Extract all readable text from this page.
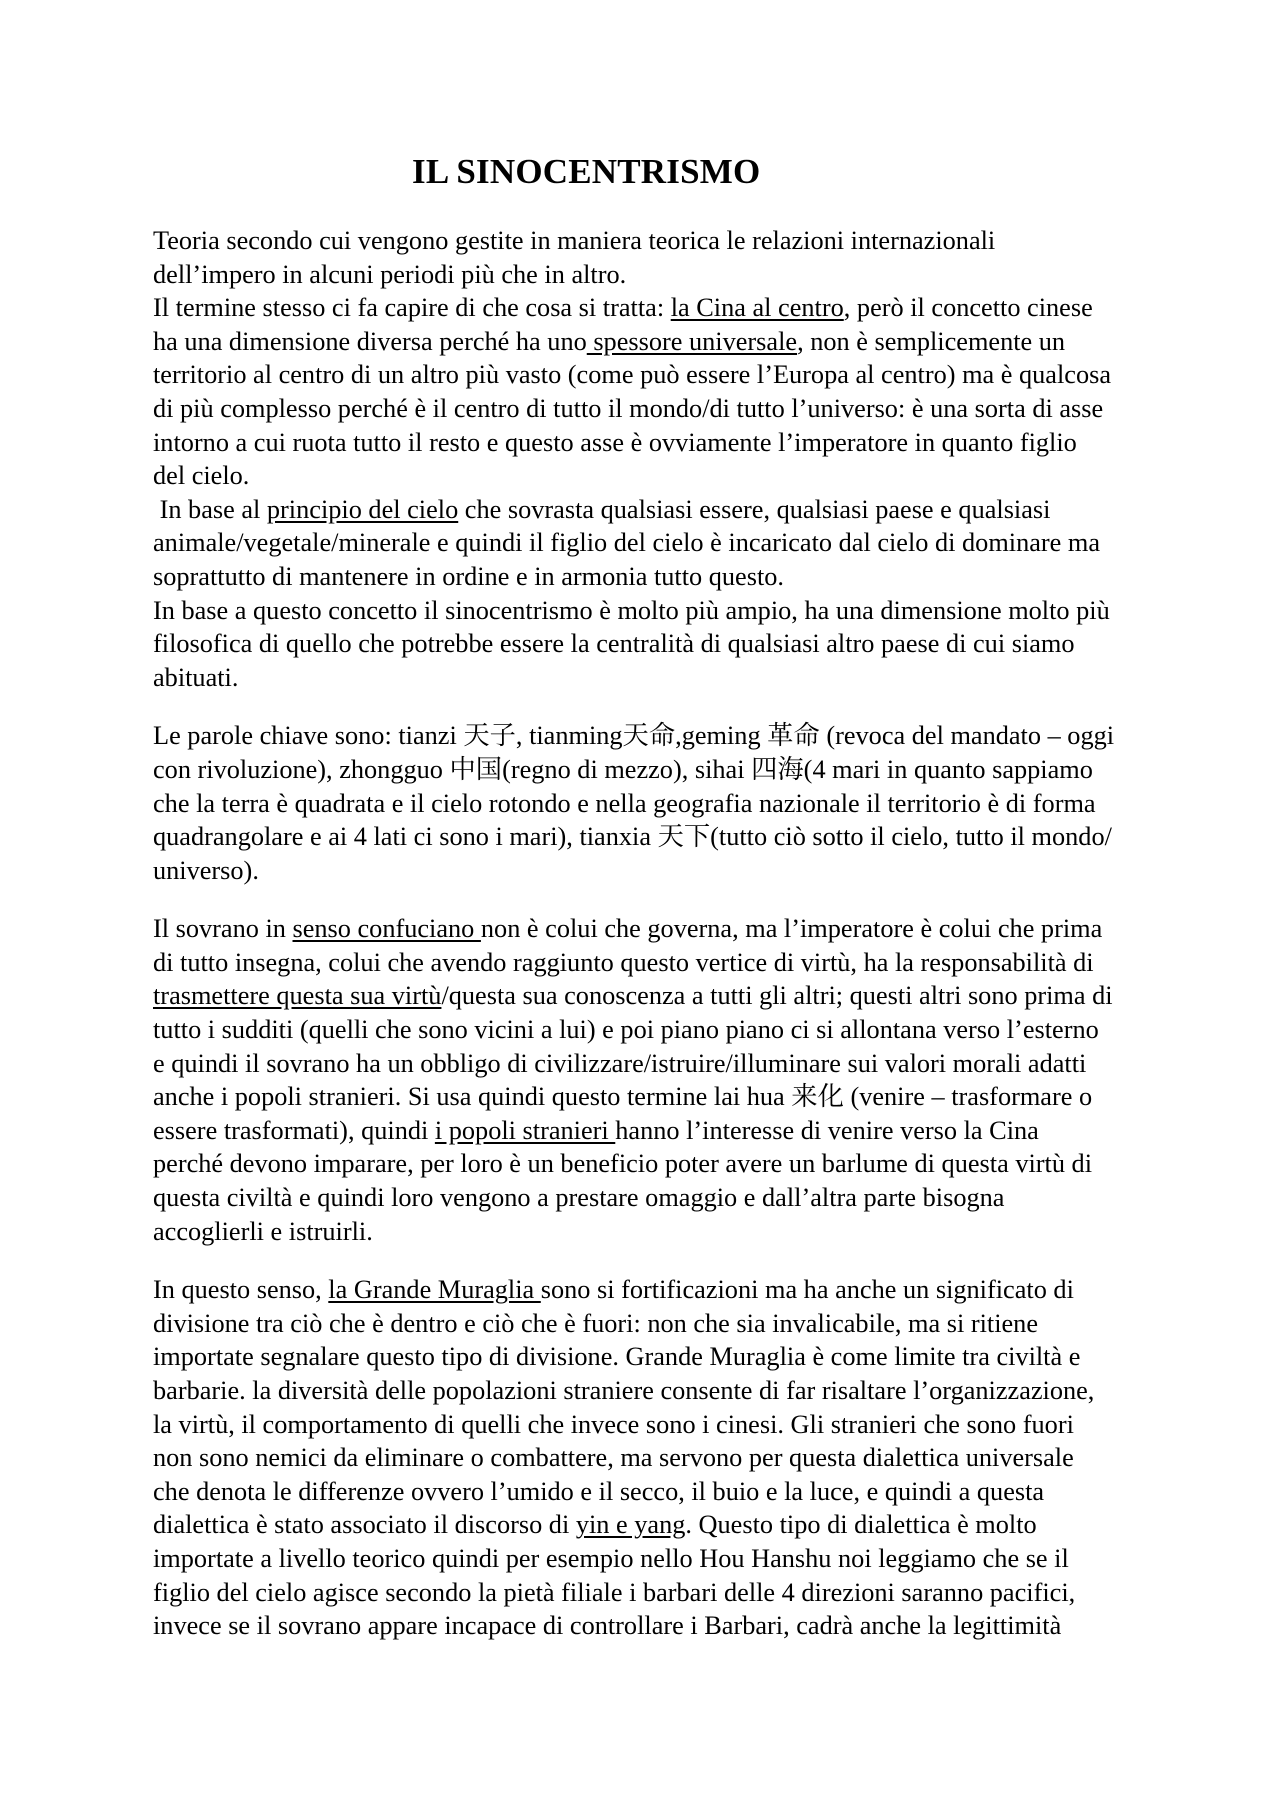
IL SINOCENTRISMO
Teoria secondo cui vengono gestite in maniera teorica le relazioni internazionali
dell’impero in alcuni periodi più che in altro.
Il termine stesso ci fa capire di che cosa si tratta: la Cina al centro, però il concetto cinese
ha una dimensione diversa perché ha uno spessore universale, non è semplicemente un
territorio al centro di un altro più vasto (come può essere l’Europa al centro) ma è qualcosa
di più complesso perché è il centro di tutto il mondo/di tutto l’universo: è una sorta di asse
intorno a cui ruota tutto il resto e questo asse è ovviamente l’imperatore in quanto figlio
del cielo.
In base al principio del cielo che sovrasta qualsiasi essere, qualsiasi paese e qualsiasi
animale/vegetale/minerale e quindi il figlio del cielo è incaricato dal cielo di dominare ma
soprattutto di mantenere in ordine e in armonia tutto questo.
In base a questo concetto il sinocentrismo è molto più ampio, ha una dimensione molto più
filosofica di quello che potrebbe essere la centralità di qualsiasi altro paese di cui siamo
abituati.
Le parole chiave sono: tianzi 天子, tianming天命,geming 革命 (revoca del mandato – oggi
con rivoluzione), zhongguo 中国(regno di mezzo), sihai 四海(4 mari in quanto sappiamo
che la terra è quadrata e il cielo rotondo e nella geografia nazionale il territorio è di forma
quadrangolare e ai 4 lati ci sono i mari), tianxia 天下(tutto ciò sotto il cielo, tutto il mondo/
universo).
Il sovrano in senso confuciano non è colui che governa, ma l’imperatore è colui che prima
di tutto insegna, colui che avendo raggiunto questo vertice di virtù, ha la responsabilità di
trasmettere questa sua virtù/questa sua conoscenza a tutti gli altri; questi altri sono prima di
tutto i sudditi (quelli che sono vicini a lui) e poi piano piano ci si allontana verso l’esterno
e quindi il sovrano ha un obbligo di civilizzare/istruire/illuminare sui valori morali adatti
anche i popoli stranieri. Si usa quindi questo termine lai hua 来化 (venire – trasformare o
essere trasformati), quindi i popoli stranieri hanno l’interesse di venire verso la Cina
perché devono imparare, per loro è un beneficio poter avere un barlume di questa virtù di
questa civiltà e quindi loro vengono a prestare omaggio e dall’altra parte bisogna
accoglierli e istruirli.
In questo senso, la Grande Muraglia sono si fortificazioni ma ha anche un significato di
divisione tra ciò che è dentro e ciò che è fuori: non che sia invalicabile, ma si ritiene
importate segnalare questo tipo di divisione. Grande Muraglia è come limite tra civiltà e
barbarie. la diversità delle popolazioni straniere consente di far risaltare l’organizzazione,
la virtù, il comportamento di quelli che invece sono i cinesi. Gli stranieri che sono fuori
non sono nemici da eliminare o combattere, ma servono per questa dialettica universale
che denota le differenze ovvero l’umido e il secco, il buio e la luce, e quindi a questa
dialettica è stato associato il discorso di yin e yang. Questo tipo di dialettica è molto
importate a livello teorico quindi per esempio nello Hou Hanshu noi leggiamo che se il
figlio del cielo agisce secondo la pietà filiale i barbari delle 4 direzioni saranno pacifici,
invece se il sovrano appare incapace di controllare i Barbari, cadrà anche la legittimità
